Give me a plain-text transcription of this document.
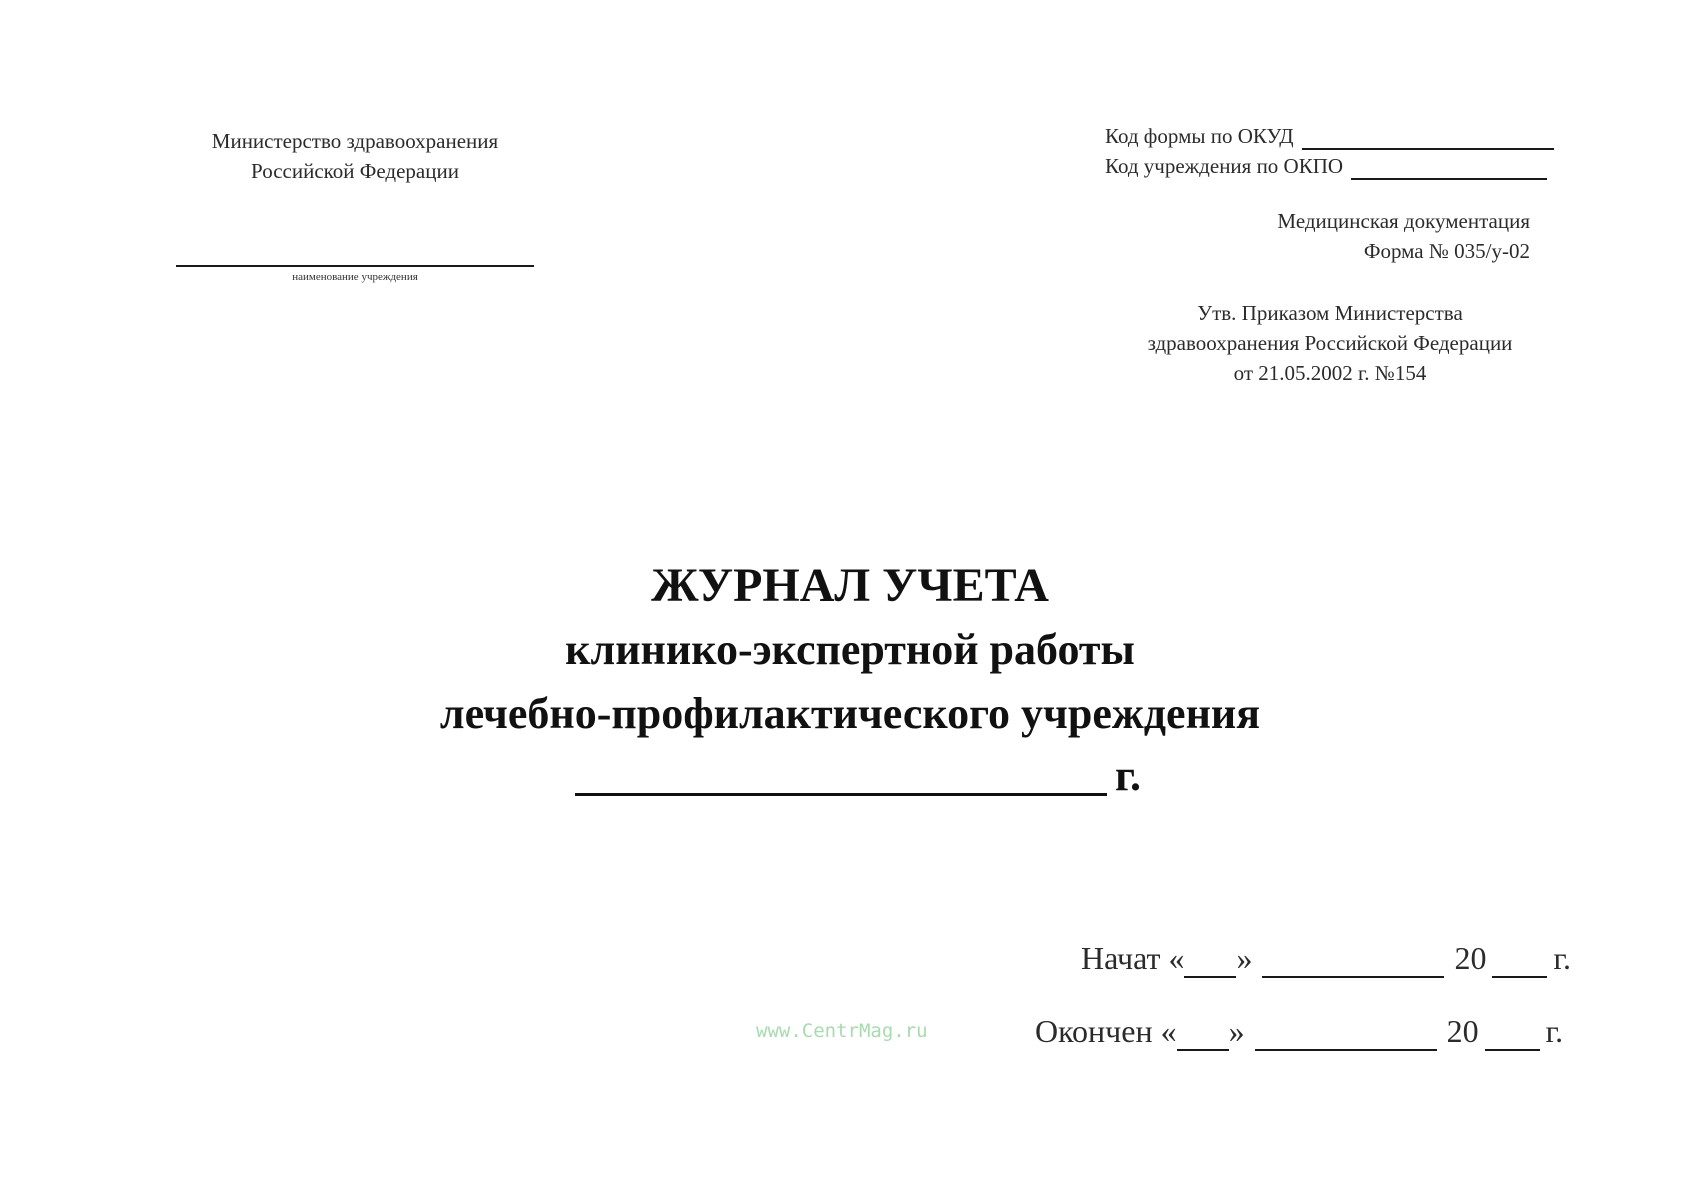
Министерство здравоохранения
Российской Федерации
наименование учреждения
Код формы по ОКУД
Код учреждения по ОКПО
Медицинская документация
Форма № 035/у-02
Утв. Приказом Министерства
здравоохранения Российской Федерации
от 21.05.2002 г. №154
ЖУРНАЛ УЧЕТА
клинико-экспертной работы
лечебно-профилактического учреждения
г.
Начат « »	20 г.
Окончен « »	20 г.
www.CentrMag.ru
